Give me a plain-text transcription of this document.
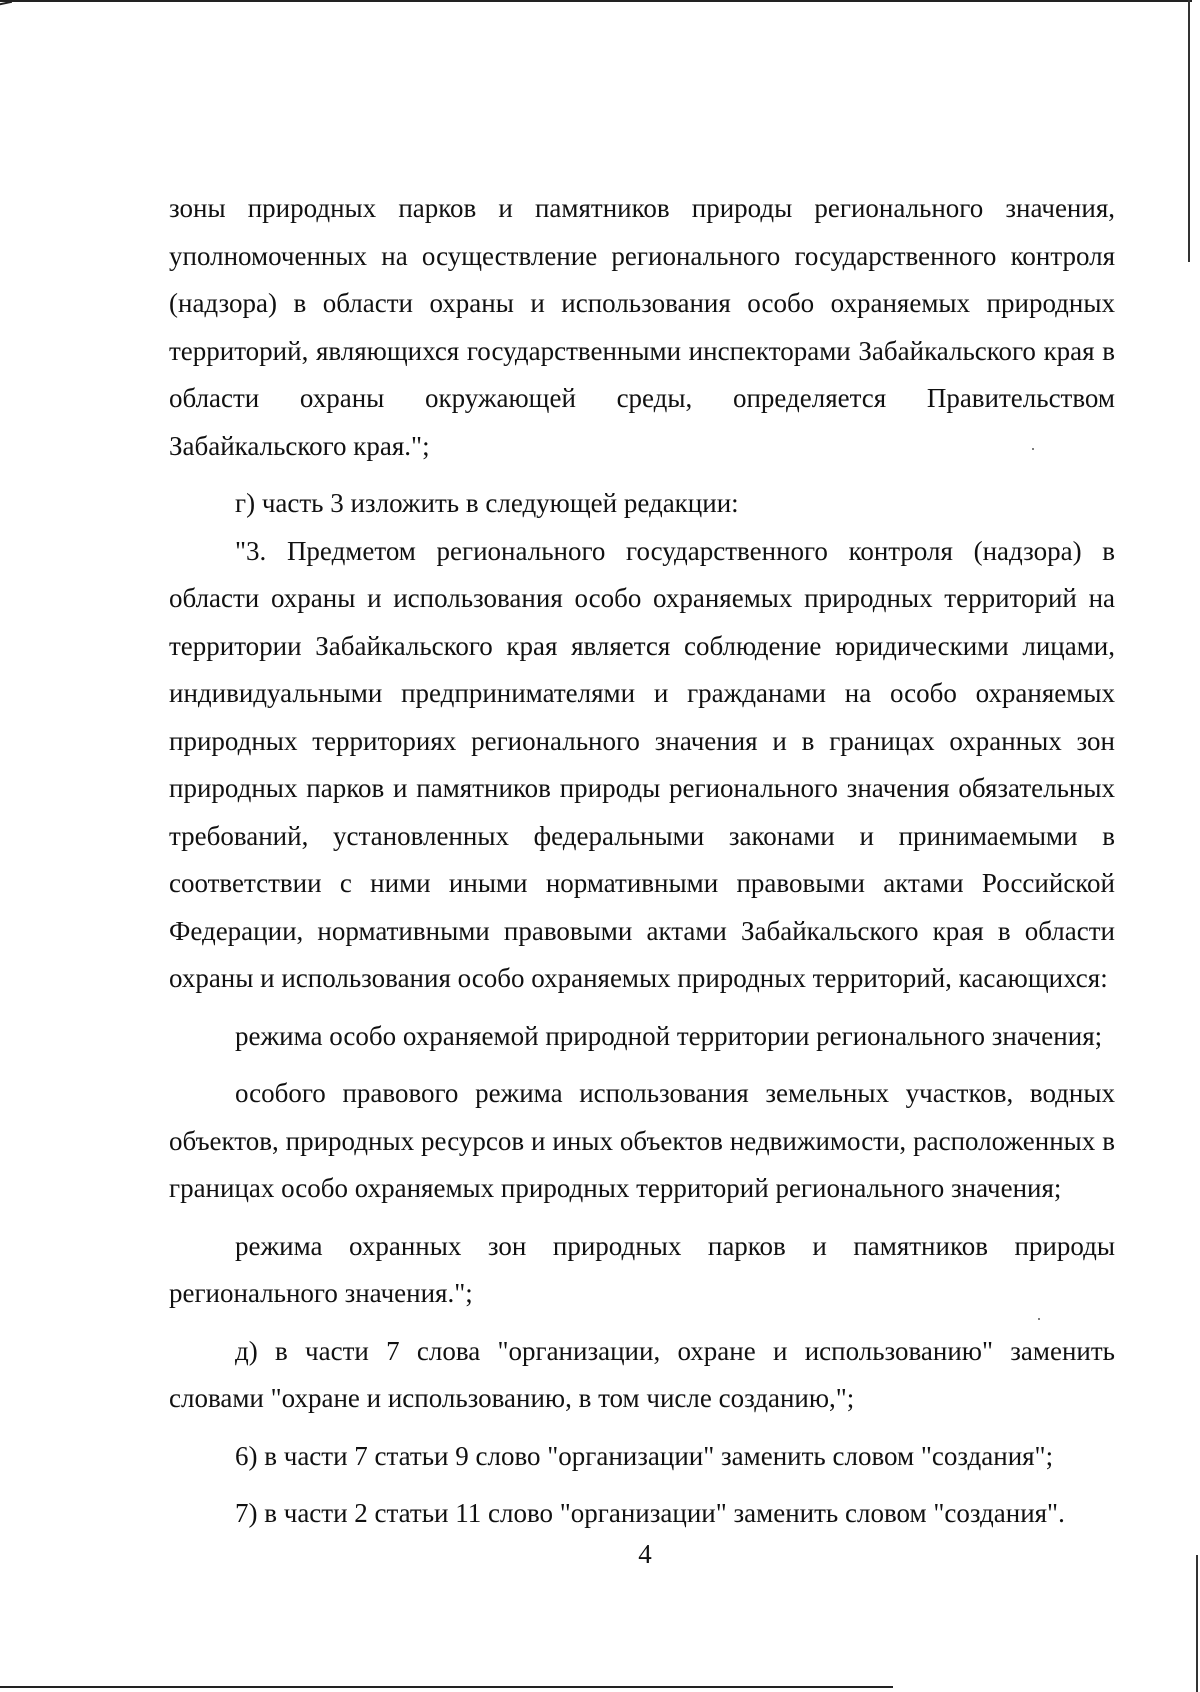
зоны природных парков и памятников природы регионального значения, уполномоченных на осуществление регионального государственного контроля (надзора) в области охраны и использования особо охраняемых природных территорий, являющихся государственными инспекторами Забайкальского края в области охраны окружающей среды, определяется Правительством Забайкальского края.";

г) часть 3 изложить в следующей редакции:

"3. Предметом регионального государственного контроля (надзора) в области охраны и использования особо охраняемых природных территорий на территории Забайкальского края является соблюдение юридическими лицами, индивидуальными предпринимателями и гражданами на особо охраняемых природных территориях регионального значения и в границах охранных зон природных парков и памятников природы регионального значения обязательных требований, установленных федеральными законами и принимаемыми в соответствии с ними иными нормативными правовыми актами Российской Федерации, нормативными правовыми актами Забайкальского края в области охраны и использования особо охраняемых природных территорий, касающихся:

режима особо охраняемой природной территории регионального значения;

особого правового режима использования земельных участков, водных объектов, природных ресурсов и иных объектов недвижимости, расположенных в границах особо охраняемых природных территорий регионального значения;

режима охранных зон природных парков и памятников природы регионального значения.";

д) в части 7 слова "организации, охране и использованию" заменить словами "охране и использованию, в том числе созданию,";

6) в части 7 статьи 9 слово "организации" заменить словом "создания";

7) в части 2 статьи 11 слово "организации" заменить словом "создания".

4
